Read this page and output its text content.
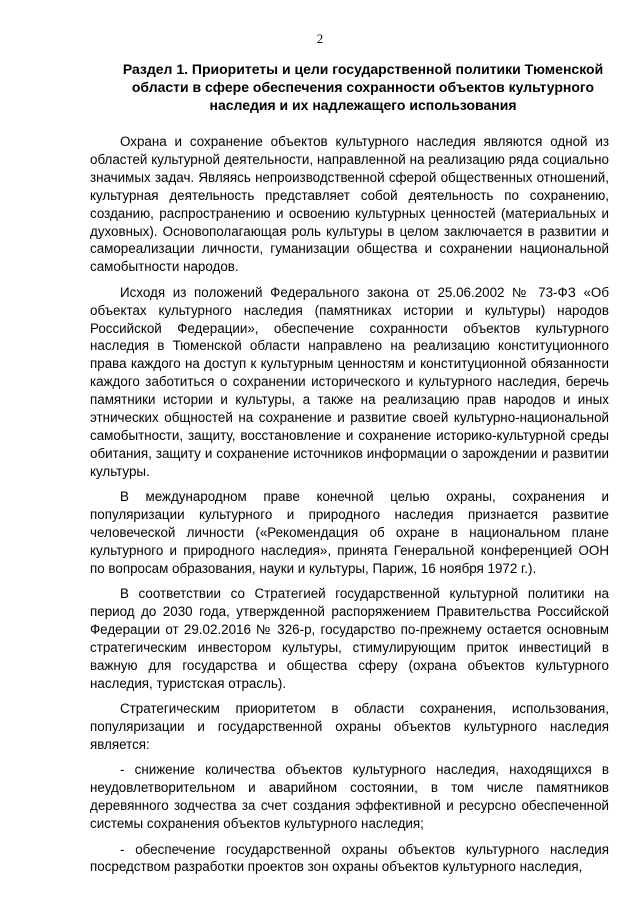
2
Раздел 1. Приоритеты и цели государственной политики Тюменской области в сфере обеспечения сохранности объектов культурного наследия и их надлежащего использования

Охрана и сохранение объектов культурного наследия являются одной из областей культурной деятельности, направленной на реализацию ряда социально значимых задач. Являясь непроизводственной сферой общественных отношений, культурная деятельность представляет собой деятельность по сохранению, созданию, распространению и освоению культурных ценностей (материальных и духовных). Основополагающая роль культуры в целом заключается в развитии и самореализации личности, гуманизации общества и сохранении национальной самобытности народов.

Исходя из положений Федерального закона от 25.06.2002 № 73-ФЗ «Об объектах культурного наследия (памятниках истории и культуры) народов Российской Федерации», обеспечение сохранности объектов культурного наследия в Тюменской области направлено на реализацию конституционного права каждого на доступ к культурным ценностям и конституционной обязанности каждого заботиться о сохранении исторического и культурного наследия, беречь памятники истории и культуры, а также на реализацию прав народов и иных этнических общностей на сохранение и развитие своей культурно-национальной самобытности, защиту, восстановление и сохранение историко-культурной среды обитания, защиту и сохранение источников информации о зарождении и развитии культуры.

В международном праве конечной целью охраны, сохранения и популяризации культурного и природного наследия признается развитие человеческой личности («Рекомендация об охране в национальном плане культурного и природного наследия», принята Генеральной конференцией ООН по вопросам образования, науки и культуры, Париж, 16 ноября 1972 г.).

В соответствии со Стратегией государственной культурной политики на период до 2030 года, утвержденной распоряжением Правительства Российской Федерации от 29.02.2016 № 326-р, государство по-прежнему остается основным стратегическим инвестором культуры, стимулирующим приток инвестиций в важную для государства и общества сферу (охрана объектов культурного наследия, туристская отрасль).

Стратегическим приоритетом в области сохранения, использования, популяризации и государственной охраны объектов культурного наследия является:

- снижение количества объектов культурного наследия, находящихся в неудовлетворительном и аварийном состоянии, в том числе памятников деревянного зодчества за счет создания эффективной и ресурсно обеспеченной системы сохранения объектов культурного наследия;

- обеспечение государственной охраны объектов культурного наследия посредством разработки проектов зон охраны объектов культурного наследия,
